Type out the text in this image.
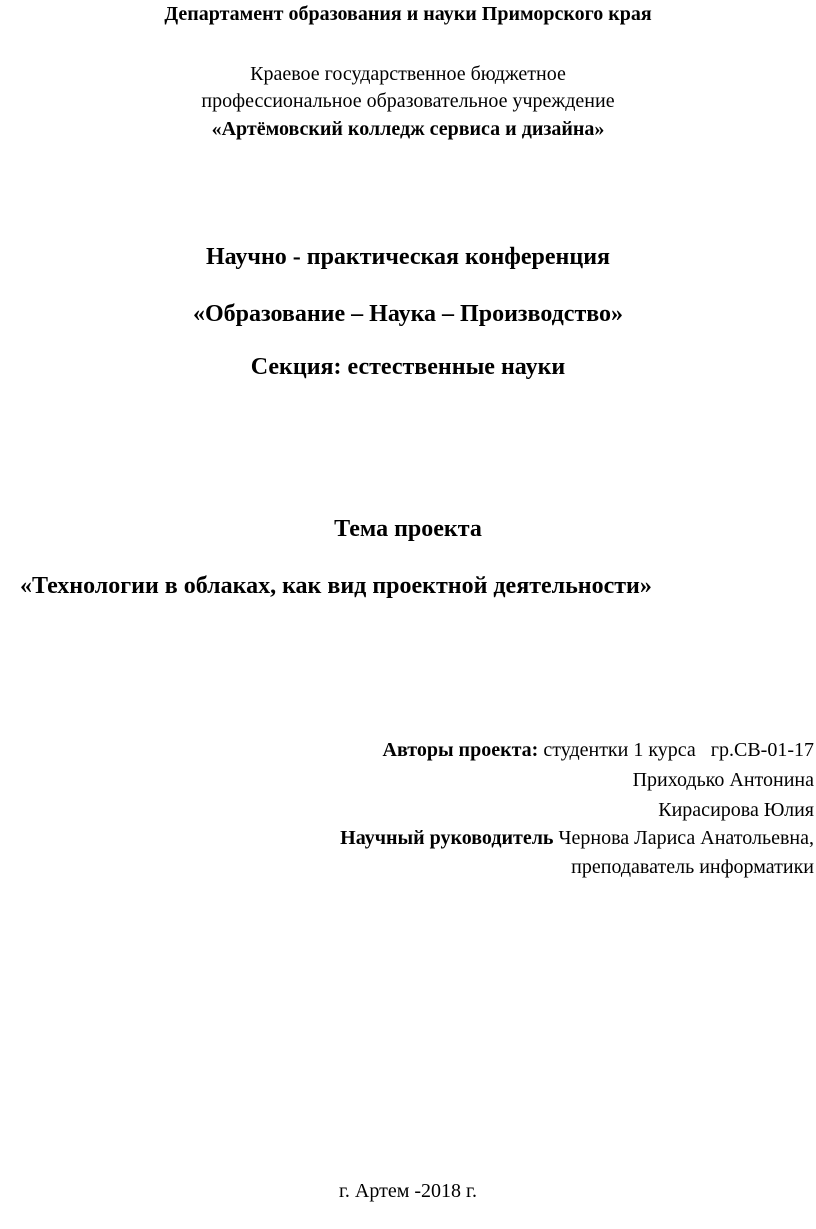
Департамент образования и науки Приморского края
Краевое государственное бюджетное
профессиональное образовательное учреждение
«Артёмовский колледж сервиса и дизайна»
Научно - практическая конференция
«Образование – Наука – Производство»
Секция: естественные науки
Тема проекта
«Технологии в облаках, как вид проектной деятельности»
Авторы проекта: студентки 1 курса   гр.СВ-01-17
Приходько Антонина
Кирасирова Юлия
Научный руководитель Чернова Лариса Анатольевна,
преподаватель информатики
г. Артем -2018 г.
